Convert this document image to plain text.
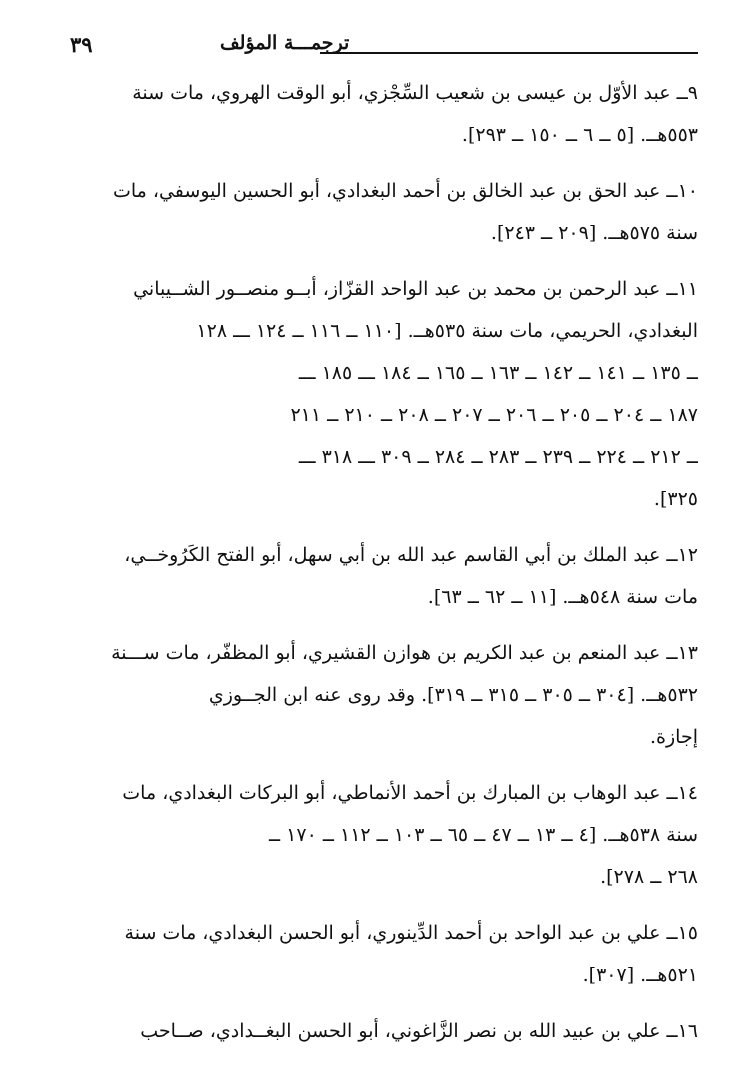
٣٩	ترجمـــة المؤلف
٩ــ عبد الأوّل بن عيسى بن شعيب السِّجْزي، أبو الوقت الهروي، مات سنة
٥٥٣هــ. [٥ ــ ٦ ــ ١٥٠ ــ ٢٩٣].
١٠ــ عبد الحق بن عبد الخالق بن أحمد البغدادي، أبو الحسين اليوسفي، مات
سنة ٥٧٥هــ. [٢٠٩ ــ ٢٤٣].
١١ــ عبد الرحمن بن محمد بن عبد الواحد القزّاز، أبــو منصــور الشــيباني
البغدادي، الحريمي، مات سنة ٥٣٥هــ. [١١٠ ــ ١١٦ ــ ١٢٤ ـــ ١٢٨
ــ ١٣٥ ــ ١٤١ ــ ١٤٢ ــ ١٦٣ ــ ١٦٥ ــ ١٨٤ ـــ ١٨٥ ـــ
١٨٧ ــ ٢٠٤ ــ ٢٠٥ ــ ٢٠٦ ــ ٢٠٧ ــ ٢٠٨ ــ ٢١٠ ــ ٢١١
ــ ٢١٢ ــ ٢٢٤ ــ ٢٣٩ ــ ٢٨٣ ــ ٢٨٤ ــ ٣٠٩ ـــ ٣١٨ ـــ
٣٢٥].
١٢ــ عبد الملك بن أبي القاسم عبد الله بن أبي سهل، أبو الفتح الكَرُوخــي،
مات سنة ٥٤٨هــ. [١١ ــ ٦٢ ــ ٦٣].
١٣ــ عبد المنعم بن عبد الكريم بن هوازن القشيري، أبو المظفّر، مات ســـنة
٥٣٢هــ. [٣٠٤ ــ ٣٠٥ ــ ٣١٥ ــ ٣١٩]. وقد روى عنه ابن الجــوزي
إجازة.
١٤ــ عبد الوهاب بن المبارك بن أحمد الأنماطي، أبو البركات البغدادي، مات
سنة ٥٣٨هــ. [٤ ــ ١٣ ــ ٤٧ ــ ٦٥ ــ ١٠٣ ــ ١١٢ ــ ١٧٠ ــ
٢٦٨ ــ ٢٧٨].
١٥ــ علي بن عبد الواحد بن أحمد الدِّينوري، أبو الحسن البغدادي، مات سنة
٥٢١هــ. [٣٠٧].
١٦ــ علي بن عبيد الله بن نصر الزَّاغوني، أبو الحسن البغــدادي، صــاحب
